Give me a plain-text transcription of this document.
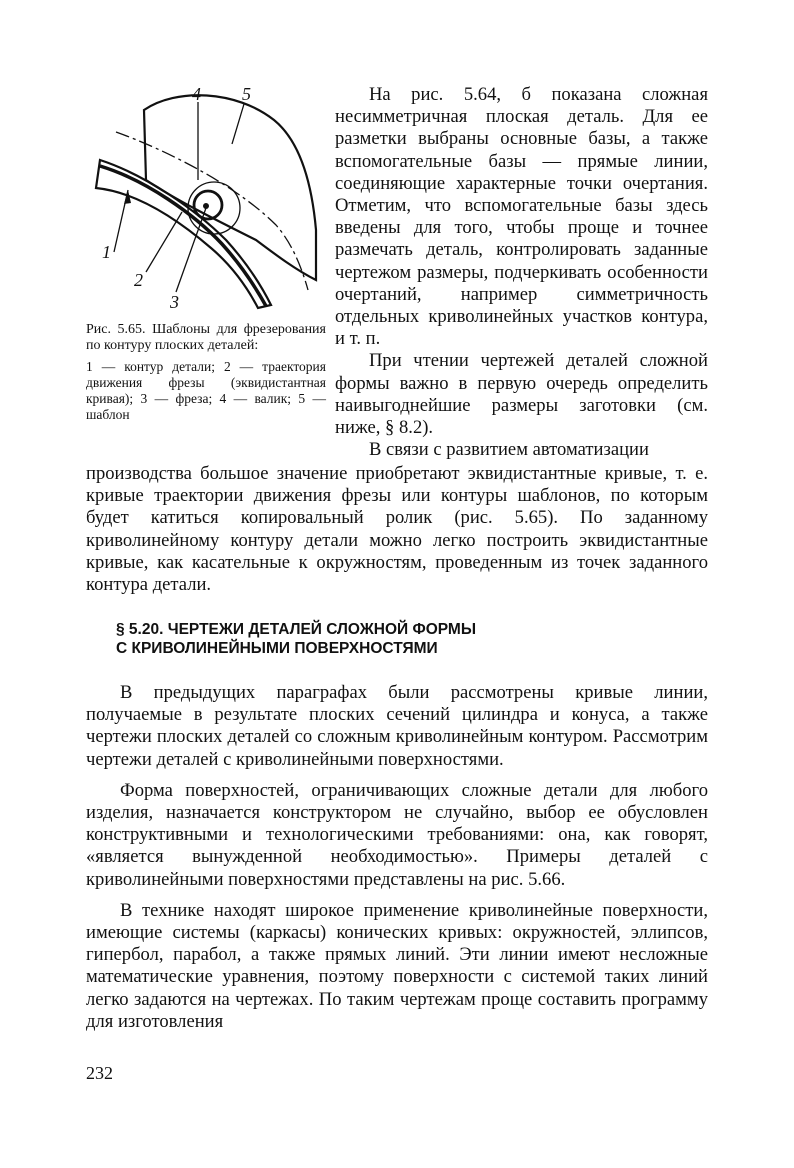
1
2
3
4 5

Рис. 5.65. Шаблоны для фрезерования по контуру плоских деталей:

1 — контур детали; 2 — траектория движения фрезы (эквидистантная кривая); 3 — фреза; 4 — валик; 5 — шаблон

На рис. 5.64, б показана сложная несимметричная плоская деталь. Для ее разметки выбраны основные базы, а также вспомогательные базы — прямые линии, соединяющие характерные точки очертания. Отметим, что вспомогательные базы здесь введены для того, чтобы проще и точнее размечать деталь, контролировать заданные чертежом размеры, подчеркивать особенности очертаний, например симметричность отдельных криволинейных участков контура, и т. п.

При чтении чертежей деталей сложной формы важно в первую очередь определить наивыгоднейшие размеры заготовки (см. ниже, § 8.2).

В связи с развитием автоматизации

производства большое значение приобретают эквидистантные кривые, т. е. кривые траектории движения фрезы или контуры шаблонов, по которым будет катиться копировальный ролик (рис. 5.65). По заданному криволинейному контуру детали можно легко построить эквидистантные кривые, как касательные к окружностям, проведенным из точек заданного контура детали.

§ 5.20. ЧЕРТЕЖИ ДЕТАЛЕЙ СЛОЖНОЙ ФОРМЫ
С КРИВОЛИНЕЙНЫМИ ПОВЕРХНОСТЯМИ

В предыдущих параграфах были рассмотрены кривые линии, получаемые в результате плоских сечений цилиндра и конуса, а также чертежи плоских деталей со сложным криволинейным контуром. Рассмотрим чертежи деталей с криволинейными поверхностями.

Форма поверхностей, ограничивающих сложные детали для любого изделия, назначается конструктором не случайно, выбор ее обусловлен конструктивными и технологическими требованиями: она, как говорят, «является вынужденной необходимостью». Примеры деталей с криволинейными поверхностями представлены на рис. 5.66.

В технике находят широкое применение криволинейные поверхности, имеющие системы (каркасы) конических кривых: окружностей, эллипсов, гипербол, парабол, а также прямых линий. Эти линии имеют несложные математические уравнения, поэтому поверхности с системой таких линий легко задаются на чертежах. По таким чертежам проще составить программу для изготовления

232
